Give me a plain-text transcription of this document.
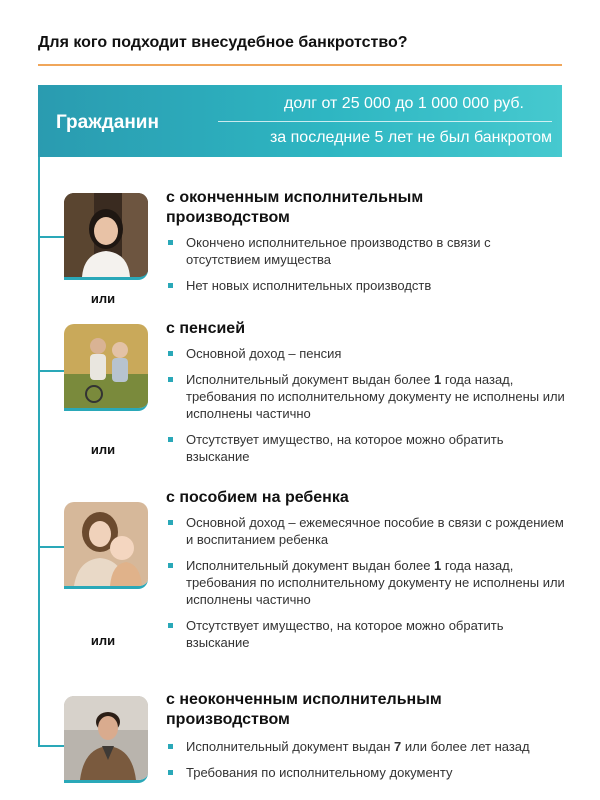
Для кого подходит внесудебное банкротство?
Гражданин
долг от 25 000 до 1 000 000 руб.
за последние 5 лет не был банкротом
или
с оконченным исполнительным
производством
Окончено исполнительное производство в связи с отсутствием имущества
Нет новых исполнительных производств
или
с пенсией
Основной доход – пенсия
Исполнительный документ выдан более 1 года назад, требования по исполнительному документу не исполнены или исполнены частично
Отсутствует имущество, на которое можно обратить взыскание
или
с пособием на ребенка
Основной доход – ежемесячное пособие в связи с рождением и воспитанием ребенка
Исполнительный документ выдан более 1 года назад, требования по исполнительному документу не исполнены или исполнены частично
Отсутствует имущество, на которое можно обратить взыскание
с неоконченным исполнительным
производством
Исполнительный документ выдан 7 или более лет назад
Требования по исполнительному документу
